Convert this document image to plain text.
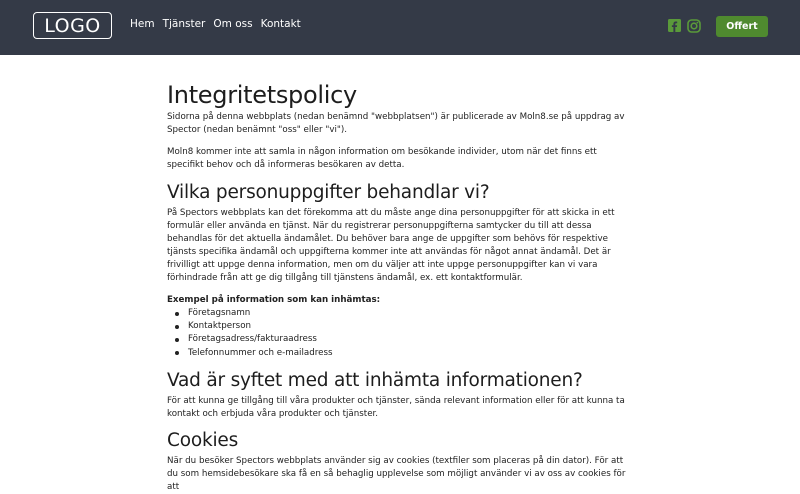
LOGO	Hem Tjänster Om oss Kontakt	Offert
Integritetspolicy

Sidorna på denna webbplats (nedan benämnd "webbplatsen") är publicerade av Moln8.se på uppdrag av Spector (nedan benämnt "oss" eller "vi").

Moln8 kommer inte att samla in någon information om besökande individer, utom när det finns ett specifikt behov och då informeras besökaren av detta.

Vilka personuppgifter behandlar vi?

På Spectors webbplats kan det förekomma att du måste ange dina personuppgifter för att skicka in ett formulär eller använda en tjänst. När du registrerar personuppgifterna samtycker du till att dessa behandlas för det aktuella ändamålet. Du behöver bara ange de uppgifter som behövs för respektive tjänsts specifika ändamål och uppgifterna kommer inte att användas för något annat ändamål. Det är frivilligt att uppge denna information, men om du väljer att inte uppge personuppgifter kan vi vara förhindrade från att ge dig tillgång till tjänstens ändamål, ex. ett kontaktformulär.

Exempel på information som kan inhämtas:

Företagsnamn
Kontaktperson
Företagsadress/fakturaadress
Telefonnummer och e-mailadress
Vad är syftet med att inhämta informationen?

För att kunna ge tillgång till våra produkter och tjänster, sända relevant information eller för att kunna ta kontakt och erbjuda våra produkter och tjänster.

Cookies

När du besöker Spectors webbplats använder sig av cookies (textfiler som placeras på din dator). För att du som hemsidebesökare ska få en så behaglig upplevelse som möjligt använder vi av oss av cookies för att
